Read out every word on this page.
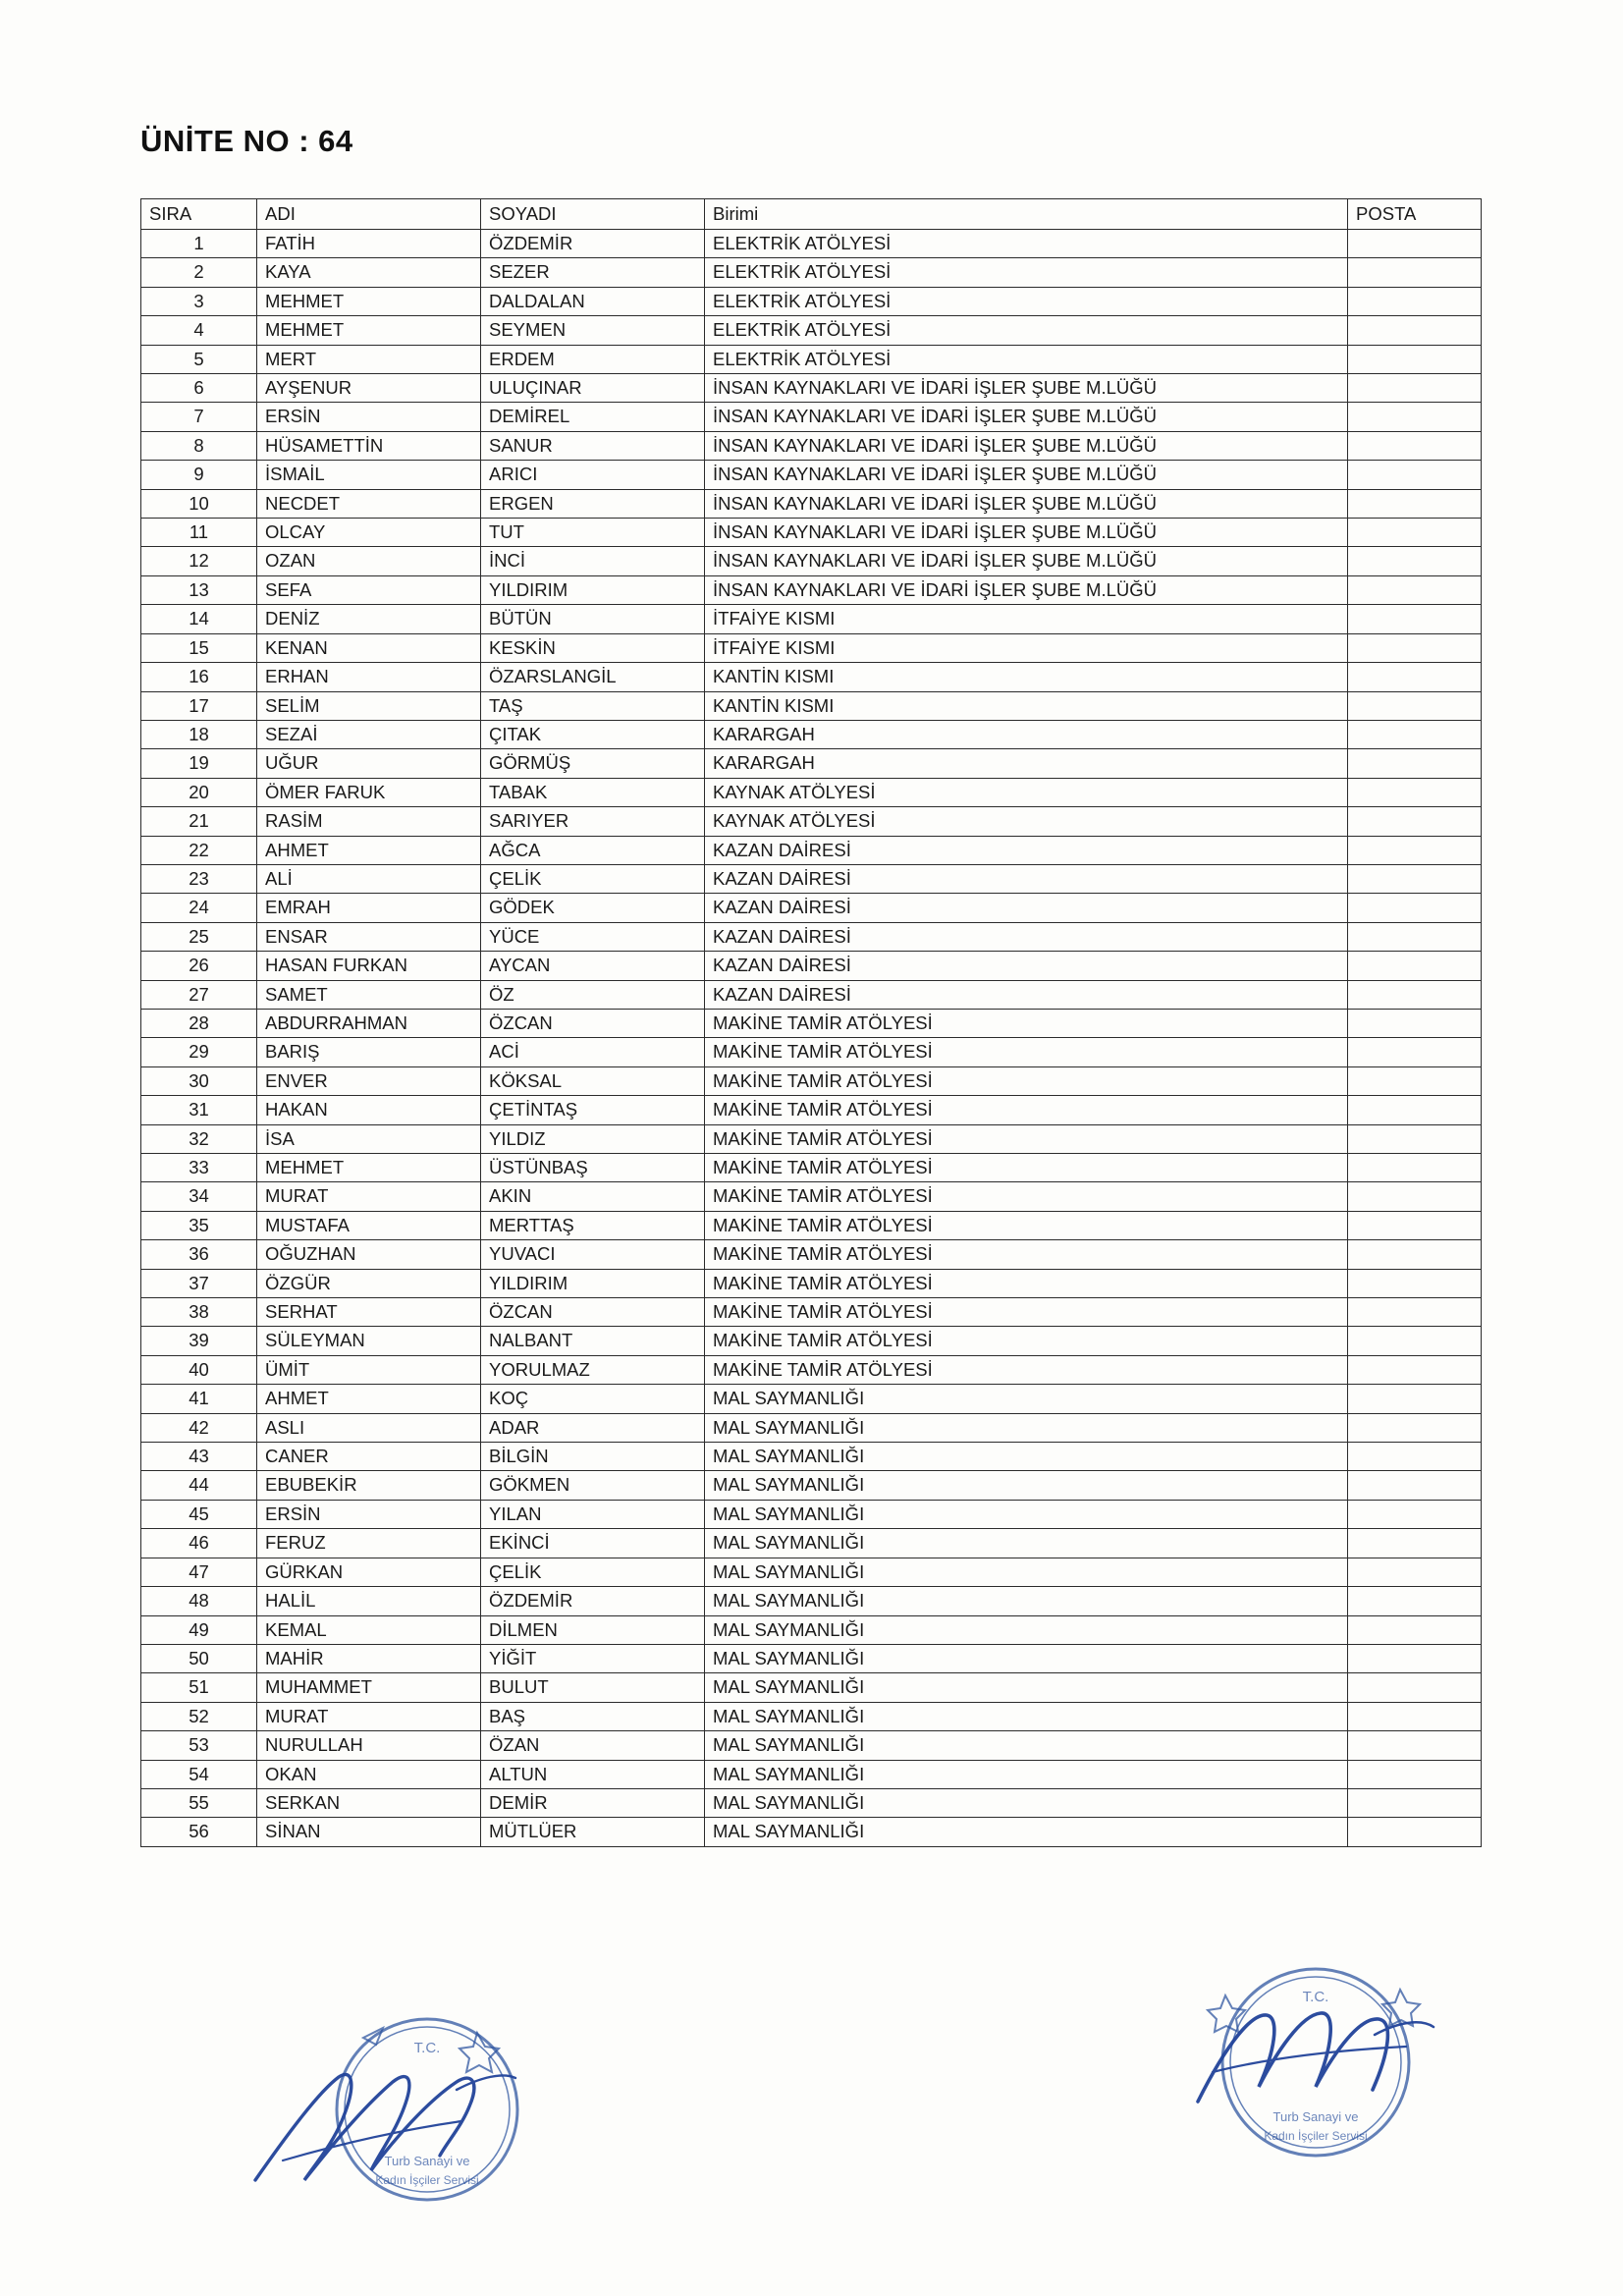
ÜNİTE NO : 64
SIRA	ADI	SOYADI	Birimi	POSTA
1	FATİH	ÖZDEMİR	ELEKTRİK ATÖLYESİ	
2	KAYA	SEZER	ELEKTRİK ATÖLYESİ	
3	MEHMET	DALDALAN	ELEKTRİK ATÖLYESİ	
4	MEHMET	SEYMEN	ELEKTRİK ATÖLYESİ	
5	MERT	ERDEM	ELEKTRİK ATÖLYESİ	
6	AYŞENUR	ULUÇINAR	İNSAN KAYNAKLARI VE İDARİ İŞLER ŞUBE M.LÜĞÜ	
7	ERSİN	DEMİREL	İNSAN KAYNAKLARI VE İDARİ İŞLER ŞUBE M.LÜĞÜ	
8	HÜSAMETTİN	SANUR	İNSAN KAYNAKLARI VE İDARİ İŞLER ŞUBE M.LÜĞÜ	
9	İSMAİL	ARICI	İNSAN KAYNAKLARI VE İDARİ İŞLER ŞUBE M.LÜĞÜ	
10	NECDET	ERGEN	İNSAN KAYNAKLARI VE İDARİ İŞLER ŞUBE M.LÜĞÜ	
11	OLCAY	TUT	İNSAN KAYNAKLARI VE İDARİ İŞLER ŞUBE M.LÜĞÜ	
12	OZAN	İNCİ	İNSAN KAYNAKLARI VE İDARİ İŞLER ŞUBE M.LÜĞÜ	
13	SEFA	YILDIRIM	İNSAN KAYNAKLARI VE İDARİ İŞLER ŞUBE M.LÜĞÜ	
14	DENİZ	BÜTÜN	İTFAİYE KISMI	
15	KENAN	KESKİN	İTFAİYE KISMI	
16	ERHAN	ÖZARSLANGİL	KANTİN KISMI	
17	SELİM	TAŞ	KANTİN KISMI	
18	SEZAİ	ÇITAK	KARARGAH	
19	UĞUR	GÖRMÜŞ	KARARGAH	
20	ÖMER FARUK	TABAK	KAYNAK ATÖLYESİ	
21	RASİM	SARIYER	KAYNAK ATÖLYESİ	
22	AHMET	AĞCA	KAZAN DAİRESİ	
23	ALİ	ÇELİK	KAZAN DAİRESİ	
24	EMRAH	GÖDEK	KAZAN DAİRESİ	
25	ENSAR	YÜCE	KAZAN DAİRESİ	
26	HASAN FURKAN	AYCAN	KAZAN DAİRESİ	
27	SAMET	ÖZ	KAZAN DAİRESİ	
28	ABDURRAHMAN	ÖZCAN	MAKİNE TAMİR ATÖLYESİ	
29	BARIŞ	ACİ	MAKİNE TAMİR ATÖLYESİ	
30	ENVER	KÖKSAL	MAKİNE TAMİR ATÖLYESİ	
31	HAKAN	ÇETİNTAŞ	MAKİNE TAMİR ATÖLYESİ	
32	İSA	YILDIZ	MAKİNE TAMİR ATÖLYESİ	
33	MEHMET	ÜSTÜNBAŞ	MAKİNE TAMİR ATÖLYESİ	
34	MURAT	AKIN	MAKİNE TAMİR ATÖLYESİ	
35	MUSTAFA	MERTTAŞ	MAKİNE TAMİR ATÖLYESİ	
36	OĞUZHAN	YUVACI	MAKİNE TAMİR ATÖLYESİ	
37	ÖZGÜR	YILDIRIM	MAKİNE TAMİR ATÖLYESİ	
38	SERHAT	ÖZCAN	MAKİNE TAMİR ATÖLYESİ	
39	SÜLEYMAN	NALBANT	MAKİNE TAMİR ATÖLYESİ	
40	ÜMİT	YORULMAZ	MAKİNE TAMİR ATÖLYESİ	
41	AHMET	KOÇ	MAL SAYMANLIĞI	
42	ASLI	ADAR	MAL SAYMANLIĞI	
43	CANER	BİLGİN	MAL SAYMANLIĞI	
44	EBUBEKİR	GÖKMEN	MAL SAYMANLIĞI	
45	ERSİN	YILAN	MAL SAYMANLIĞI	
46	FERUZ	EKİNCİ	MAL SAYMANLIĞI	
47	GÜRKAN	ÇELİK	MAL SAYMANLIĞI	
48	HALİL	ÖZDEMİR	MAL SAYMANLIĞI	
49	KEMAL	DİLMEN	MAL SAYMANLIĞI	
50	MAHİR	YİĞİT	MAL SAYMANLIĞI	
51	MUHAMMET	BULUT	MAL SAYMANLIĞI	
52	MURAT	BAŞ	MAL SAYMANLIĞI	
53	NURULLAH	ÖZAN	MAL SAYMANLIĞI	
54	OKAN	ALTUN	MAL SAYMANLIĞI	
55	SERKAN	DEMİR	MAL SAYMANLIĞI	
56	SİNAN	MÜTLÜER	MAL SAYMANLIĞI	
T.C.
Turb Sanayi ve
Kadın İşçiler Servisi
T.C.
Turb Sanayi ve
Kadın İşçiler Servisi
